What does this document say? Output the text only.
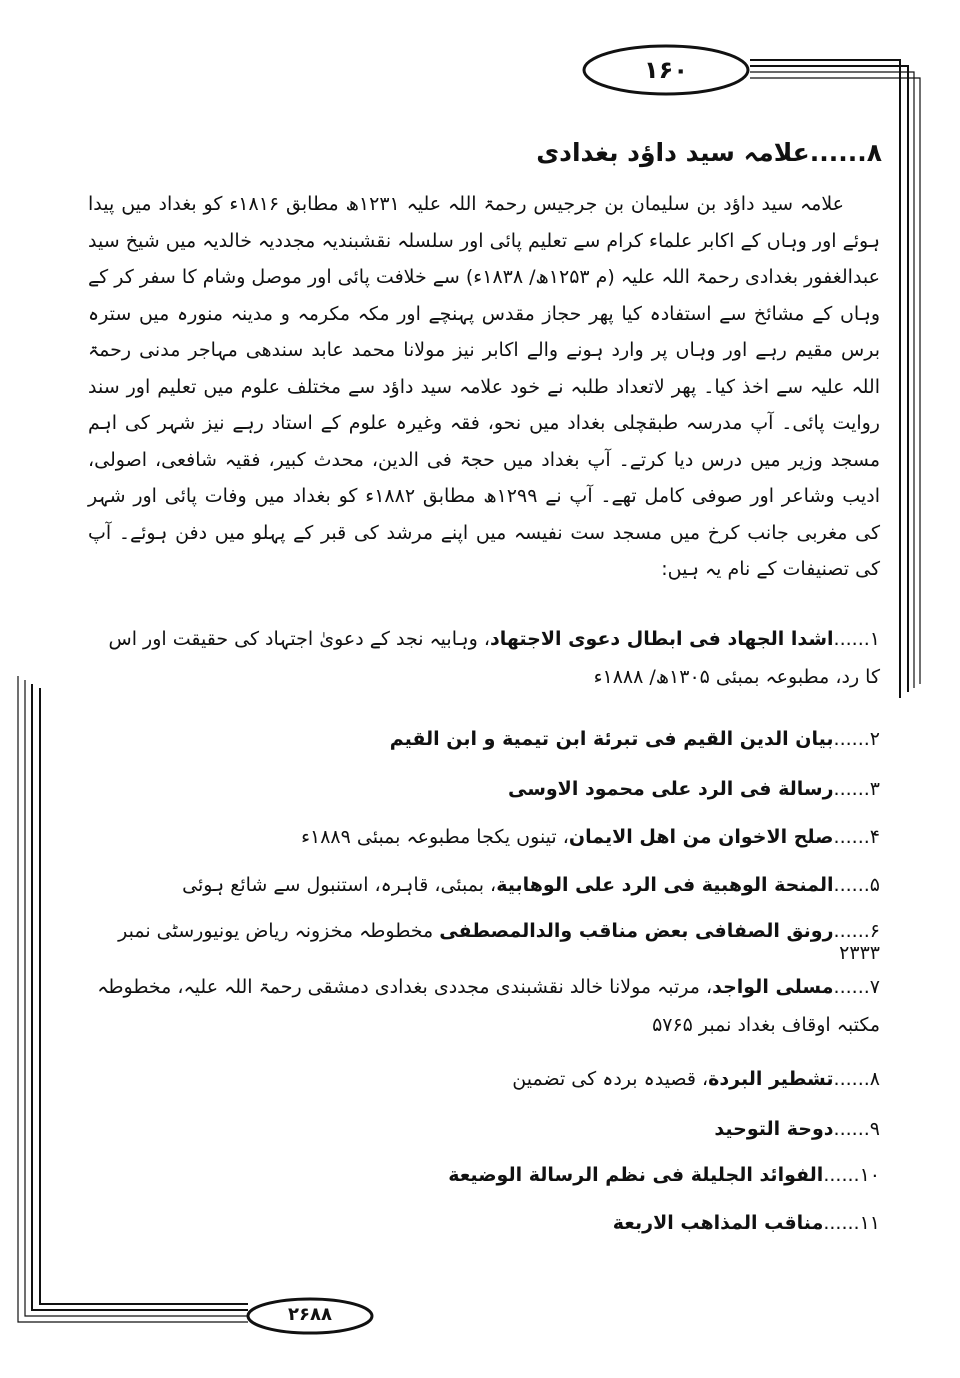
۱۶۰
۲۶۸۸
۸......علامہ سید داؤد بغدادی

علامہ سید داؤد بن سلیمان بن جرجیس رحمۃ اللہ علیہ ۱۲۳۱ھ مطابق ۱۸۱۶ء کو بغداد میں پیدا ہوئے اور وہاں کے اکابر علماء کرام سے تعلیم پائی اور سلسلہ نقشبندیہ مجددیہ خالدیہ میں شیخ سید عبدالغفور بغدادی رحمۃ اللہ علیہ (م ۱۲۵۳ھ/ ۱۸۳۸ء) سے خلافت پائی اور موصل وشام کا سفر کر کے وہاں کے مشائخ سے استفادہ کیا پھر حجاز مقدس پہنچے اور مکہ مکرمہ و مدینہ منورہ میں سترہ برس مقیم رہے اور وہاں پر وارد ہونے والے اکابر نیز مولانا محمد عابد سندھی مہاجر مدنی رحمۃ اللہ علیہ سے اخذ کیا۔ پھر لاتعداد طلبہ نے خود علامہ سید داؤد سے مختلف علوم میں تعلیم اور سند روایت پائی۔ آپ مدرسہ طبقچلی بغداد میں نحو، فقہ وغیرہ علوم کے استاد رہے نیز شہر کی اہم مسجد وزیر میں درس دیا کرتے۔ آپ بغداد میں حجۃ فی الدین، محدث کبیر، فقیہ شافعی، اصولی، ادیب وشاعر اور صوفی کامل تھے۔ آپ نے ۱۲۹۹ھ مطابق ۱۸۸۲ء کو بغداد میں وفات پائی اور شہر کی مغربی جانب کرخ میں مسجد ست نفیسہ میں اپنے مرشد کی قبر کے پہلو میں دفن ہوئے۔ آپ کی تصنیفات کے نام یہ ہیں:

۱......اشدا الجهاد فی ابطال دعوی الاجتهاد، وہابیہ نجد کے دعویٰ اجتہاد کی حقیقت اور اس کا رد، مطبوعہ بمبئی ۱۳۰۵ھ/ ۱۸۸۸ء
۲......بیان الدین القیم فی تبرئة ابن تیمیة و ابن القیم
۳......رسالة فی الرد علی محمود الاوسی
۴......صلح الاخوان من اهل الایمان، تینوں یکجا مطبوعہ بمبئی ۱۸۸۹ء
۵......المنحة الوهبیة فی الرد علی الوهابیة، بمبئی، قاہرہ، استنبول سے شائع ہوئی
۶......رونق الصفافی بعض مناقب والدالمصطفی مخطوطہ مخزونہ ریاض یونیورسٹی نمبر ۲۳۳۳
۷......مسلی الواجد، مرتبہ مولانا خالد نقشبندی مجددی بغدادی دمشقی رحمۃ اللہ علیہ، مخطوطہ مکتبہ اوقاف بغداد نمبر ۵۷۶۵
۸......تشطیر البردة، قصیدہ بردہ کی تضمین
۹......دوحة التوحید
۱۰......الفوائد الجلیلة فی نظم الرسالة الوضیعة
۱۱......مناقب المذاهب الاربعة
